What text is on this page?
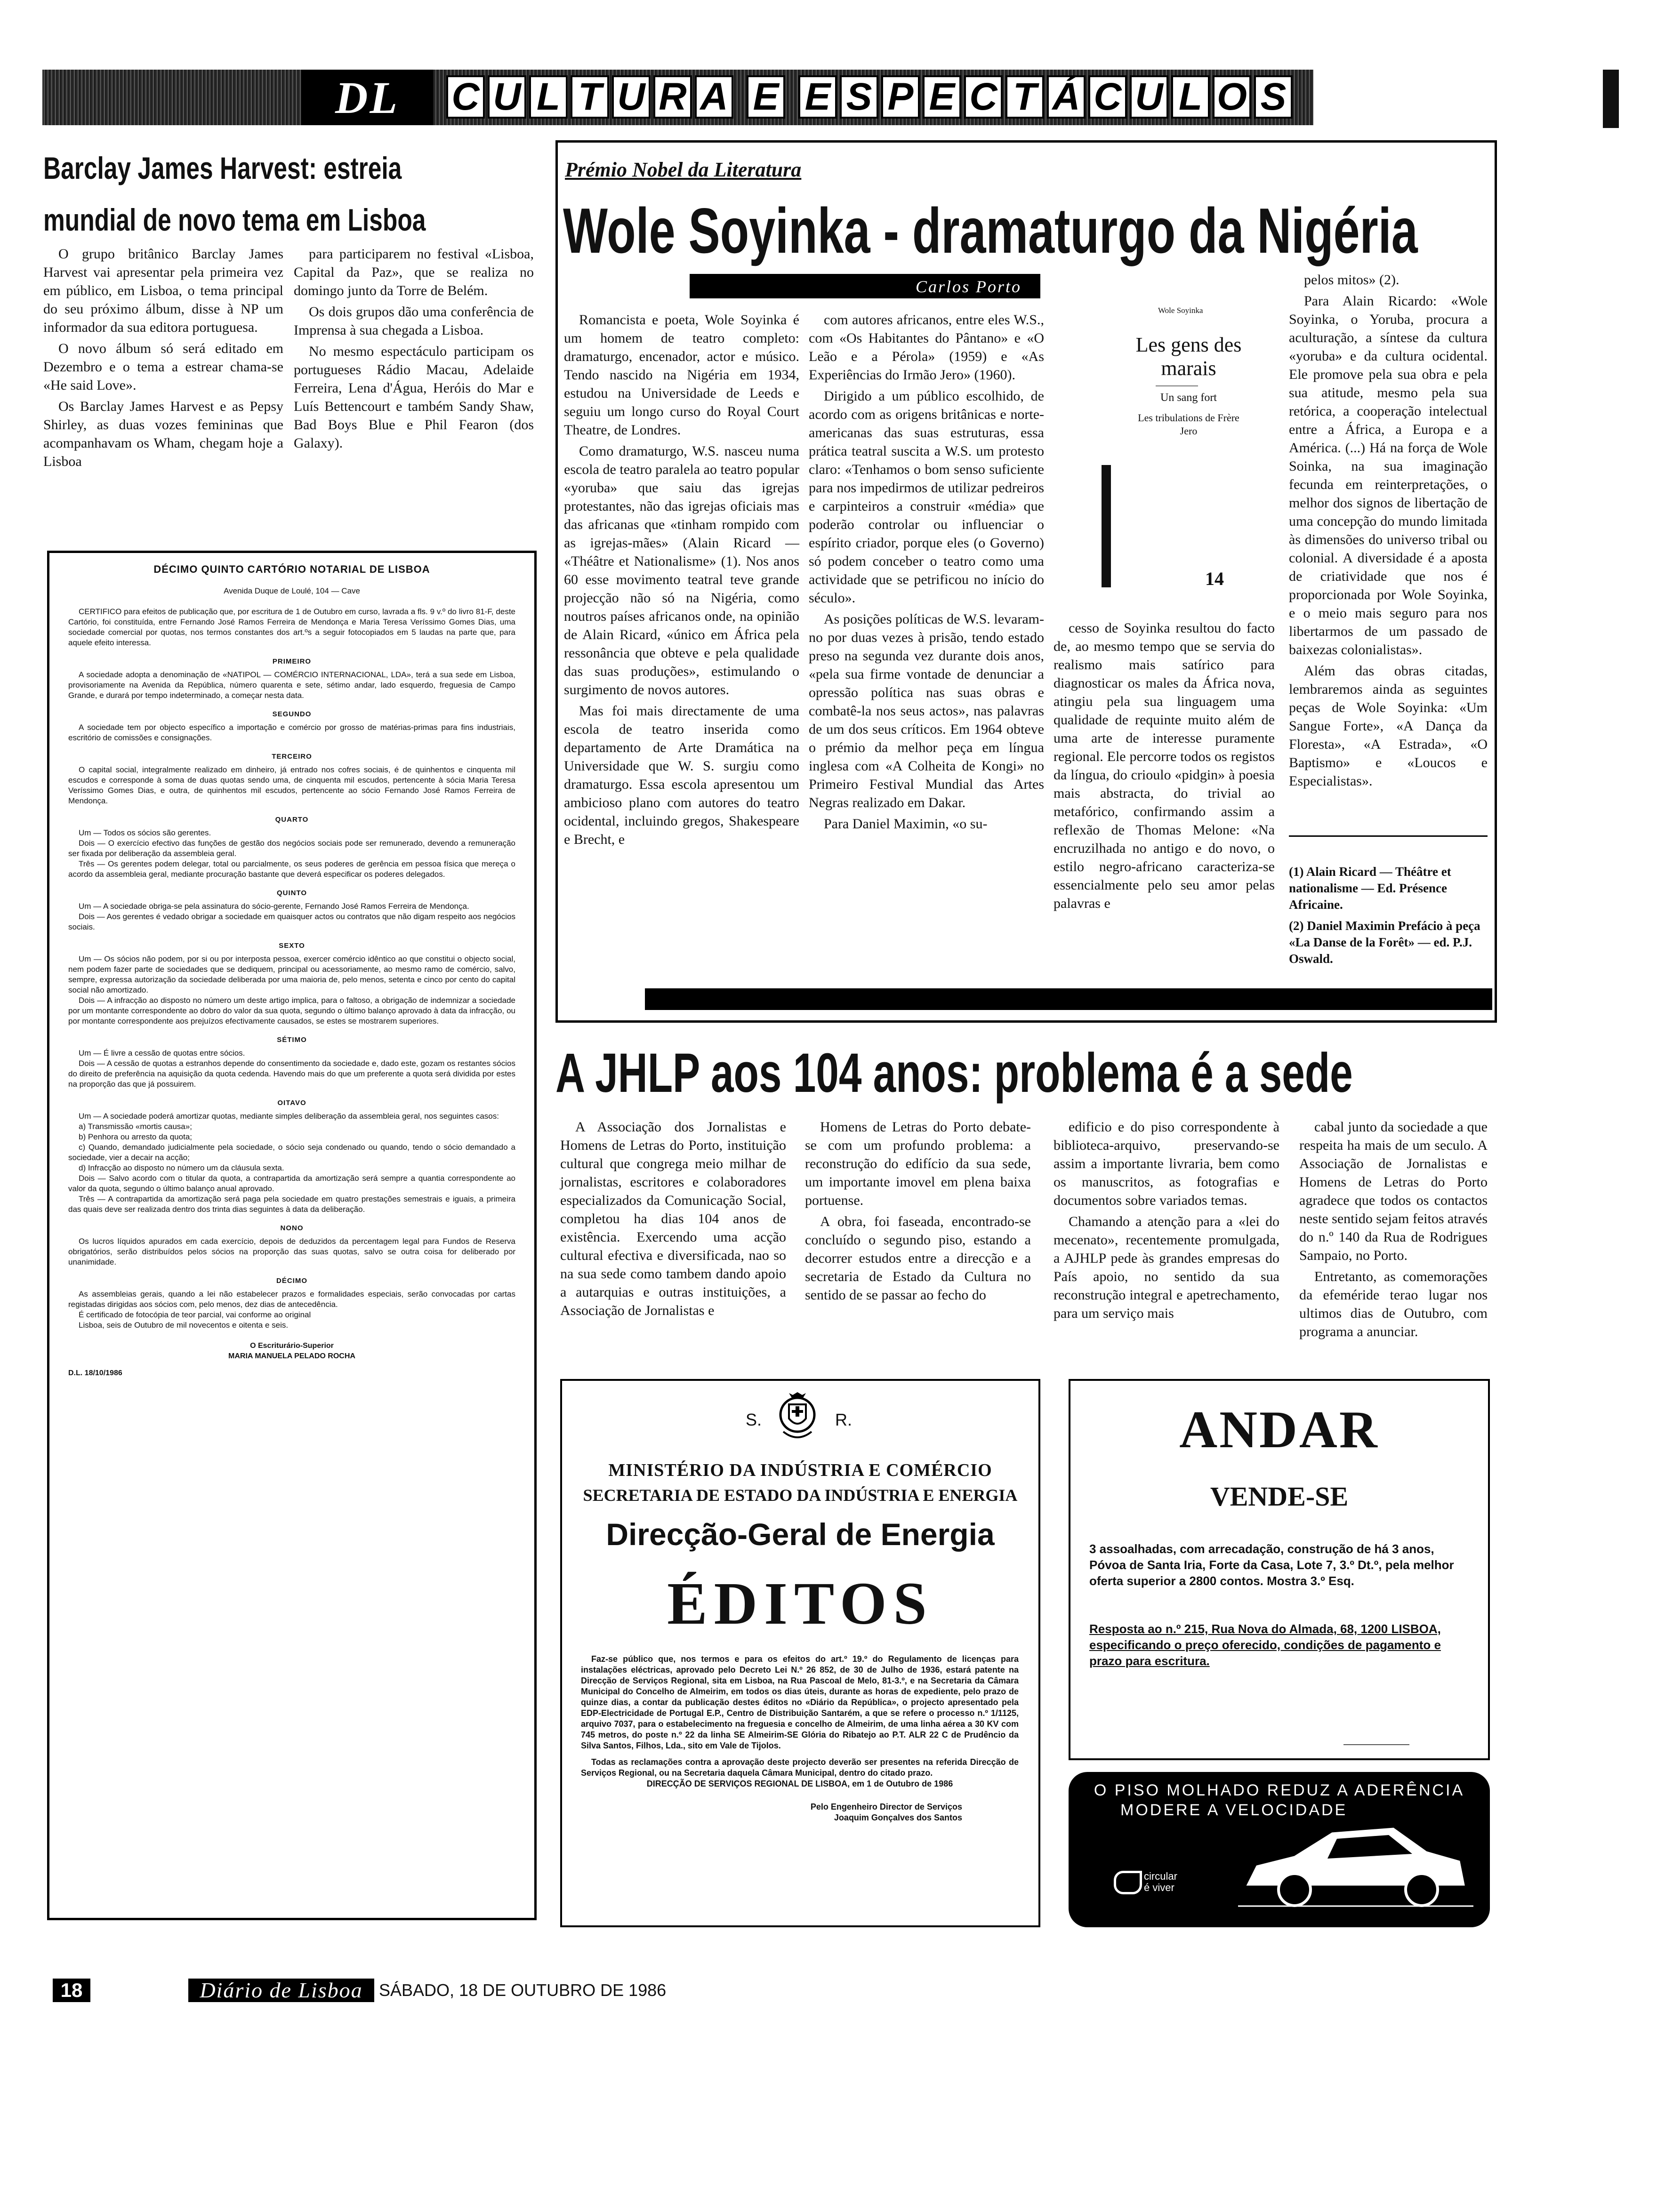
DL C U L T U R A E E S P E C T Á C U L O S
Barclay James Harvest: estreia
mundial de novo tema em Lisboa

O grupo britânico Barclay James Harvest vai apresentar pela primeira vez em público, em Lisboa, o tema principal do seu próximo álbum, disse à NP um informador da sua editora portuguesa.

O novo álbum só será editado em Dezembro e o tema a estrear chama-se «He said Love».

Os Barclay James Harvest e as Pepsy Shirley, as duas vozes femininas que acompanhavam os Wham, chegam hoje a Lisboa

para participarem no festival «Lisboa, Capital da Paz», que se realiza no domingo junto da Torre de Belém.

Os dois grupos dão uma conferência de Imprensa à sua chegada a Lisboa.

No mesmo espectáculo participam os portugueses Rádio Macau, Adelaide Ferreira, Lena d'Água, Heróis do Mar e Luís Bettencourt e também Sandy Shaw, Bad Boys Blue e Phil Fearon (dos Galaxy).

DÉCIMO QUINTO CARTÓRIO NOTARIAL DE LISBOA
Avenida Duque de Loulé, 104 — Cave

CERTIFICO para efeitos de publicação que, por escritura de 1 de Outubro em curso, lavrada a fls. 9 v.º do livro 81-F, deste Cartório, foi constituída, entre Fernando José Ramos Ferreira de Mendonça e Maria Teresa Veríssimo Gomes Dias, uma sociedade comercial por quotas, nos termos constantes dos art.ºs a seguir fotocopiados em 5 laudas na parte que, para aquele efeito interessa.

PRIMEIRO

A sociedade adopta a denominação de «NATIPOL — COMÉRCIO INTERNACIONAL, LDA», terá a sua sede em Lisboa, provisoriamente na Avenida da República, número quarenta e sete, sétimo andar, lado esquerdo, freguesia de Campo Grande, e durará por tempo indeterminado, a começar nesta data.

SEGUNDO

A sociedade tem por objecto específico a importação e comércio por grosso de matérias-primas para fins industriais, escritório de comissões e consignações.

TERCEIRO

O capital social, integralmente realizado em dinheiro, já entrado nos cofres sociais, é de quinhentos e cinquenta mil escudos e corresponde à soma de duas quotas sendo uma, de cinquenta mil escudos, pertencente à sócia Maria Teresa Veríssimo Gomes Dias, e outra, de quinhentos mil escudos, pertencente ao sócio Fernando José Ramos Ferreira de Mendonça.

QUARTO

Um — Todos os sócios são gerentes.

Dois — O exercício efectivo das funções de gestão dos negócios sociais pode ser remunerado, devendo a remuneração ser fixada por deliberação da assembleia geral.

Três — Os gerentes podem delegar, total ou parcialmente, os seus poderes de gerência em pessoa física que mereça o acordo da assembleia geral, mediante procuração bastante que deverá especificar os poderes delegados.

QUINTO

Um — A sociedade obriga-se pela assinatura do sócio-gerente, Fernando José Ramos Ferreira de Mendonça.

Dois — Aos gerentes é vedado obrigar a sociedade em quaisquer actos ou contratos que não digam respeito aos negócios sociais.

SEXTO

Um — Os sócios não podem, por si ou por interposta pessoa, exercer comércio idêntico ao que constitui o objecto social, nem podem fazer parte de sociedades que se dediquem, principal ou acessoriamente, ao mesmo ramo de comércio, salvo, sempre, expressa autorização da sociedade deliberada por uma maioria de, pelo menos, setenta e cinco por cento do capital social não amortizado.

Dois — A infracção ao disposto no número um deste artigo implica, para o faltoso, a obrigação de indemnizar a sociedade por um montante correspondente ao dobro do valor da sua quota, segundo o último balanço aprovado à data da infracção, ou por montante correspondente aos prejuízos efectivamente causados, se estes se mostrarem superiores.

SÉTIMO

Um — É livre a cessão de quotas entre sócios.

Dois — A cessão de quotas a estranhos depende do consentimento da sociedade e, dado este, gozam os restantes sócios do direito de preferência na aquisição da quota cedenda. Havendo mais do que um preferente a quota será dividida por estes na proporção das que já possuirem.

OITAVO

Um — A sociedade poderá amortizar quotas, mediante simples deliberação da assembleia geral, nos seguintes casos:

a) Transmissão «mortis causa»;

b) Penhora ou arresto da quota;

c) Quando, demandado judicialmente pela sociedade, o sócio seja condenado ou quando, tendo o sócio demandado a sociedade, vier a decair na acção;

d) Infracção ao disposto no número um da cláusula sexta.

Dois — Salvo acordo com o titular da quota, a contrapartida da amortização será sempre a quantia correspondente ao valor da quota, segundo o último balanço anual aprovado.

Três — A contrapartida da amortização será paga pela sociedade em quatro prestações semestrais e iguais, a primeira das quais deve ser realizada dentro dos trinta dias seguintes à data da deliberação.

NONO

Os lucros líquidos apurados em cada exercício, depois de deduzidos da percentagem legal para Fundos de Reserva obrigatórios, serão distribuídos pelos sócios na proporção das suas quotas, salvo se outra coisa for deliberado por unanimidade.

DÉCIMO

As assembleias gerais, quando a lei não estabelecer prazos e formalidades especiais, serão convocadas por cartas registadas dirigidas aos sócios com, pelo menos, dez dias de antecedência.

É certificado de fotocópia de teor parcial, vai conforme ao original

Lisboa, seis de Outubro de mil novecentos e oitenta e seis.

O Escriturário-Superior
MARIA MANUELA PELADO ROCHA
D.L. 18/10/1986
Prémio Nobel da Literatura
Wole Soyinka - dramaturgo da Nigéria
Carlos Porto

Romancista e poeta, Wole Soyinka é um homem de teatro completo: dramaturgo, encenador, actor e músico. Tendo nascido na Nigéria em 1934, estudou na Universidade de Leeds e seguiu um longo curso do Royal Court Theatre, de Londres.

Como dramaturgo, W.S. nasceu numa escola de teatro paralela ao teatro popular «yoruba» que saiu das igrejas protestantes, não das igrejas oficiais mas das africanas que «tinham rompido com as igrejas-mães» (Alain Ricard — «Théâtre et Nationalisme» (1). Nos anos 60 esse movimento teatral teve grande projecção não só na Nigéria, como noutros países africanos onde, na opinião de Alain Ricard, «único em África pela ressonância que obteve e pela qualidade das suas produções», estimulando o surgimento de novos autores.

Mas foi mais directamente de uma escola de teatro inserida como departamento de Arte Dramática na Universidade que W. S. surgiu como dramaturgo. Essa escola apresentou um ambicioso plano com autores do teatro ocidental, incluindo gregos, Shakespeare e Brecht, e

com autores africanos, entre eles W.S., com «Os Habitantes do Pântano» e «O Leão e a Pérola» (1959) e «As Experiências do Irmão Jero» (1960).

Dirigido a um público escolhido, de acordo com as origens britânicas e norte-americanas das suas estruturas, essa prática teatral suscita a W.S. um protesto claro: «Tenhamos o bom senso suficiente para nos impedirmos de utilizar pedreiros e carpinteiros a construir «média» que poderão controlar ou influenciar o espírito criador, porque eles (o Governo) só podem conceber o teatro como uma actividade que se petrificou no início do século».

As posições políticas de W.S. levaram-no por duas vezes à prisão, tendo estado preso na segunda vez durante dois anos, «pela sua firme vontade de denunciar a opressão política nas suas obras e combatê-la nos seus actos», nas palavras de um dos seus críticos. Em 1964 obteve o prémio da melhor peça em língua inglesa com «A Colheita de Kongi» no Primeiro Festival Mundial das Artes Negras realizado em Dakar.

Para Daniel Maximin, «o su-

Wole Soyinka
Les gens des marais
Un sang fort
Les tribulations de Frère Jero
14

cesso de Soyinka resultou do facto de, ao mesmo tempo que se servia do realismo mais satírico para diagnosticar os males da África nova, atingiu pela sua linguagem uma qualidade de requinte muito além de uma arte de interesse puramente regional. Ele percorre todos os registos da língua, do crioulo «pidgin» à poesia mais abstracta, do trivial ao metafórico, confirmando assim a reflexão de Thomas Melone: «Na encruzilhada no antigo e do novo, o estilo negro-africano caracteriza-se essencialmente pelo seu amor pelas palavras e

pelos mitos» (2).

Para Alain Ricardo: «Wole Soyinka, o Yoruba, procura a aculturação, a síntese da cultura «yoruba» e da cultura ocidental. Ele promove pela sua obra e pela sua atitude, mesmo pela sua retórica, a cooperação intelectual entre a África, a Europa e a América. (...) Há na força de Wole Soinka, na sua imaginação fecunda em reinterpretações, o melhor dos signos de libertação de uma concepção do mundo limitada às dimensões do universo tribal ou colonial. A diversidade é a aposta de criatividade que nos é proporcionada por Wole Soyinka, e o meio mais seguro para nos libertarmos de um passado de baixezas colonialistas».

Além das obras citadas, lembraremos ainda as seguintes peças de Wole Soyinka: «Um Sangue Forte», «A Dança da Floresta», «A Estrada», «O Baptismo» e «Loucos e Especialistas».

(1) Alain Ricard — Théâtre et nationalisme — Ed. Présence Africaine.
(2) Daniel Maximin Prefácio à peça «La Danse de la Forêt» — ed. P.J. Oswald.
A JHLP aos 104 anos: problema é a sede

A Associação dos Jornalistas e Homens de Letras do Porto, instituição cultural que congrega meio milhar de jornalistas, escritores e colaboradores especializados da Comunicação Social, completou ha dias 104 anos de existência. Exercendo uma acção cultural efectiva e diversificada, nao so na sua sede como tambem dando apoio a autarquias e outras instituições, a Associação de Jornalistas e

Homens de Letras do Porto debate-se com um profundo problema: a reconstrução do edifício da sua sede, um importante imovel em plena baixa portuense.

A obra, foi faseada, encontrado-se concluído o segundo piso, estando a decorrer estudos entre a direcção e a secretaria de Estado da Cultura no sentido de se passar ao fecho do

edificio e do piso correspondente à biblioteca-arquivo, preservando-se assim a importante livraria, bem como os manuscritos, as fotografias e documentos sobre variados temas.

Chamando a atenção para a «lei do mecenato», recentemente promulgada, a AJHLP pede às grandes empresas do País apoio, no sentido da sua reconstrução integral e apetrechamento, para um serviço mais

cabal junto da sociedade a que respeita ha mais de um seculo. A Associação de Jornalistas e Homens de Letras do Porto agradece que todos os contactos neste sentido sejam feitos através do n.º 140 da Rua de Rodrigues Sampaio, no Porto.

Entretanto, as comemorações da efeméride terao lugar nos ultimos dias de Outubro, com programa a anunciar.

S.	R.
MINISTÉRIO DA INDÚSTRIA E COMÉRCIO
SECRETARIA DE ESTADO DA INDÚSTRIA E ENERGIA
Direcção-Geral de Energia
ÉDITOS

Faz-se público que, nos termos e para os efeitos do art.º 19.º do Regulamento de licenças para instalações eléctricas, aprovado pelo Decreto Lei N.º 26 852, de 30 de Julho de 1936, estará patente na Direcção de Serviços Regional, sita em Lisboa, na Rua Pascoal de Melo, 81-3.º, e na Secretaria da Câmara Municipal do Concelho de Almeirim, em todos os dias úteis, durante as horas de expediente, pelo prazo de quinze dias, a contar da publicação destes éditos no «Diário da República», o projecto apresentado pela EDP-Electricidade de Portugal E.P., Centro de Distribuição Santarém, a que se refere o processo n.º 1/1125, arquivo 7037, para o estabelecimento na freguesia e concelho de Almeirim, de uma linha aérea a 30 KV com 745 metros, do poste n.º 22 da linha SE Almeirim-SE Glória do Ribatejo ao P.T. ALR 22 C de Prudêncio da Silva Santos, Filhos, Lda., sito em Vale de Tijolos.

Todas as reclamações contra a aprovação deste projecto deverão ser presentes na referida Direcção de Serviços Regional, ou na Secretaria daquela Câmara Municipal, dentro do citado prazo.

DIRECÇÃO DE SERVIÇOS REGIONAL DE LISBOA, em 1 de Outubro de 1986

Pelo Engenheiro Director de Serviços

Joaquim Gonçalves dos Santos

ANDAR
VENDE-SE
3 assoalhadas, com arrecadação, construção de há 3 anos, Póvoa de Santa Iria, Forte da Casa, Lote 7, 3.º Dt.º, pela melhor oferta superior a 2800 contos. Mostra 3.º Esq.
Resposta ao n.º 215, Rua Nova do Almada, 68, 1200 LISBOA, especificando o preço oferecido, condições de pagamento e prazo para escritura.
O PISO MOLHADO REDUZ A ADERÊNCIA
MODERE A VELOCIDADE
circular
é viver
18	Diário de Lisboa SÁBADO, 18 DE OUTUBRO DE 1986
